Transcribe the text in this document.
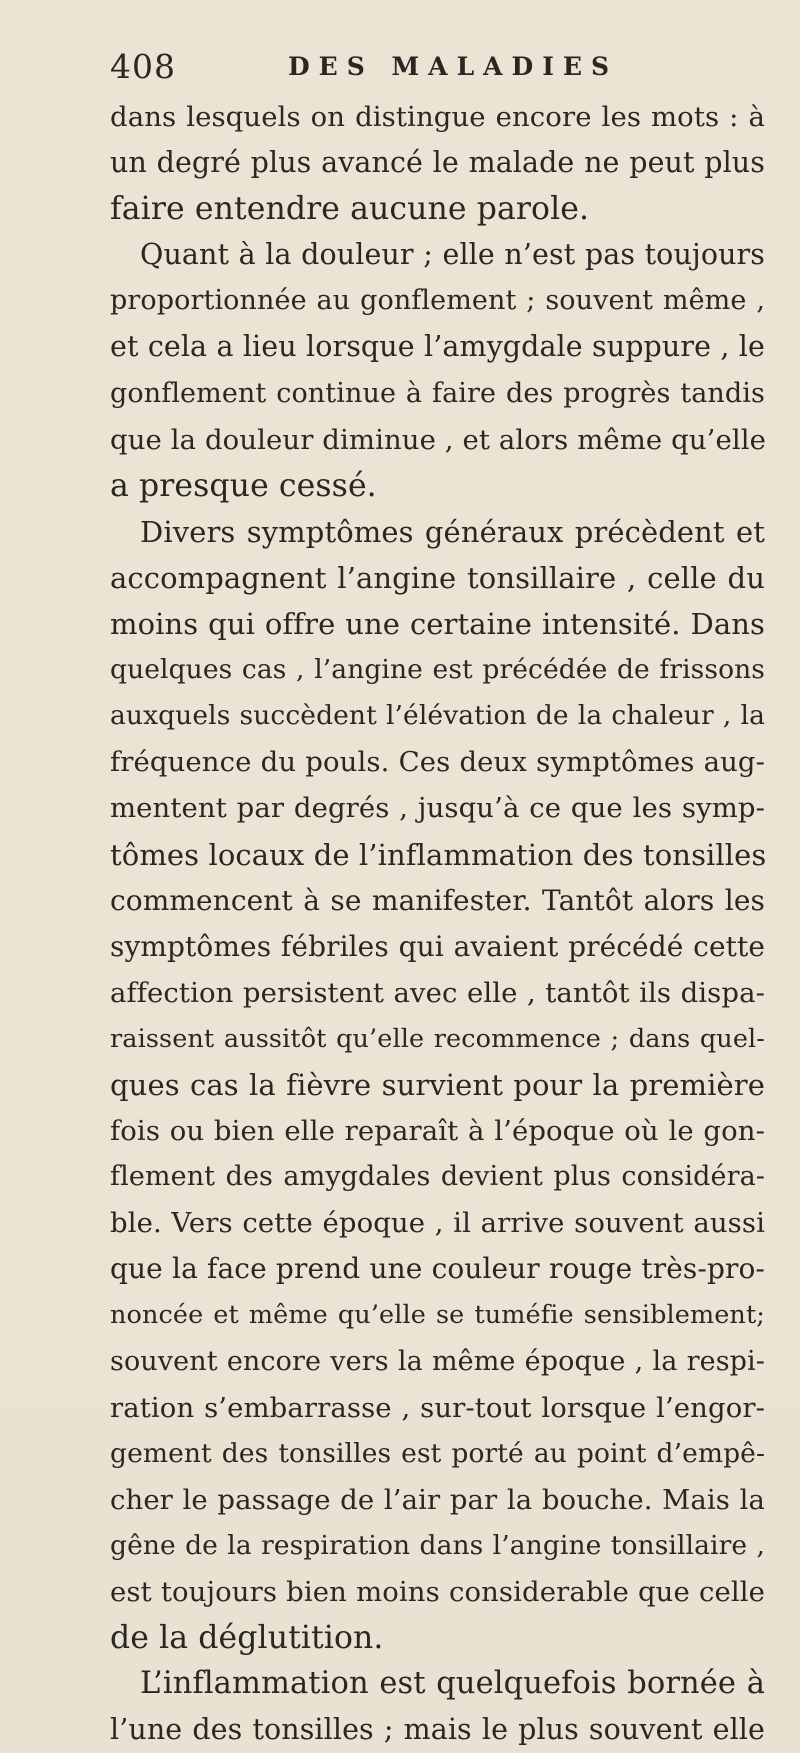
408	DES MALADIES
dans lesquels on distingue encore les mots : à
un degré plus avancé le malade ne peut plus
faire entendre aucune parole.
Quant à la douleur ; elle n’est pas toujours
proportionnée au gonflement ; souvent même ,
et cela a lieu lorsque l’amygdale suppure , le
gonflement continue à faire des progrès tandis
que la douleur diminue , et alors même qu’elle
a presque cessé.
Divers symptômes généraux précèdent et
accompagnent l’angine tonsillaire , celle du
moins qui offre une certaine intensité. Dans
quelques cas , l’angine est précédée de frissons
auxquels succèdent l’élévation de la chaleur , la
fréquence du pouls. Ces deux symptômes aug-
mentent par degrés , jusqu’à ce que les symp-
tômes locaux de l’inflammation des tonsilles
commencent à se manifester. Tantôt alors les
symptômes fébriles qui avaient précédé cette
affection persistent avec elle , tantôt ils dispa-
raissent aussitôt qu’elle recommence ; dans quel-
ques cas la fièvre survient pour la première
fois ou bien elle reparaît à l’époque où le gon-
flement des amygdales devient plus considéra-
ble. Vers cette époque , il arrive souvent aussi
que la face prend une couleur rouge très-pro-
noncée et même qu’elle se tuméfie sensiblement;
souvent encore vers la même époque , la respi-
ration s’embarrasse , sur-tout lorsque l’engor-
gement des tonsilles est porté au point d’empê-
cher le passage de l’air par la bouche. Mais la
gêne de la respiration dans l’angine tonsillaire ,
est toujours bien moins considerable que celle
de la déglutition.
L’inflammation est quelquefois bornée à
l’une des tonsilles ; mais le plus souvent elle
